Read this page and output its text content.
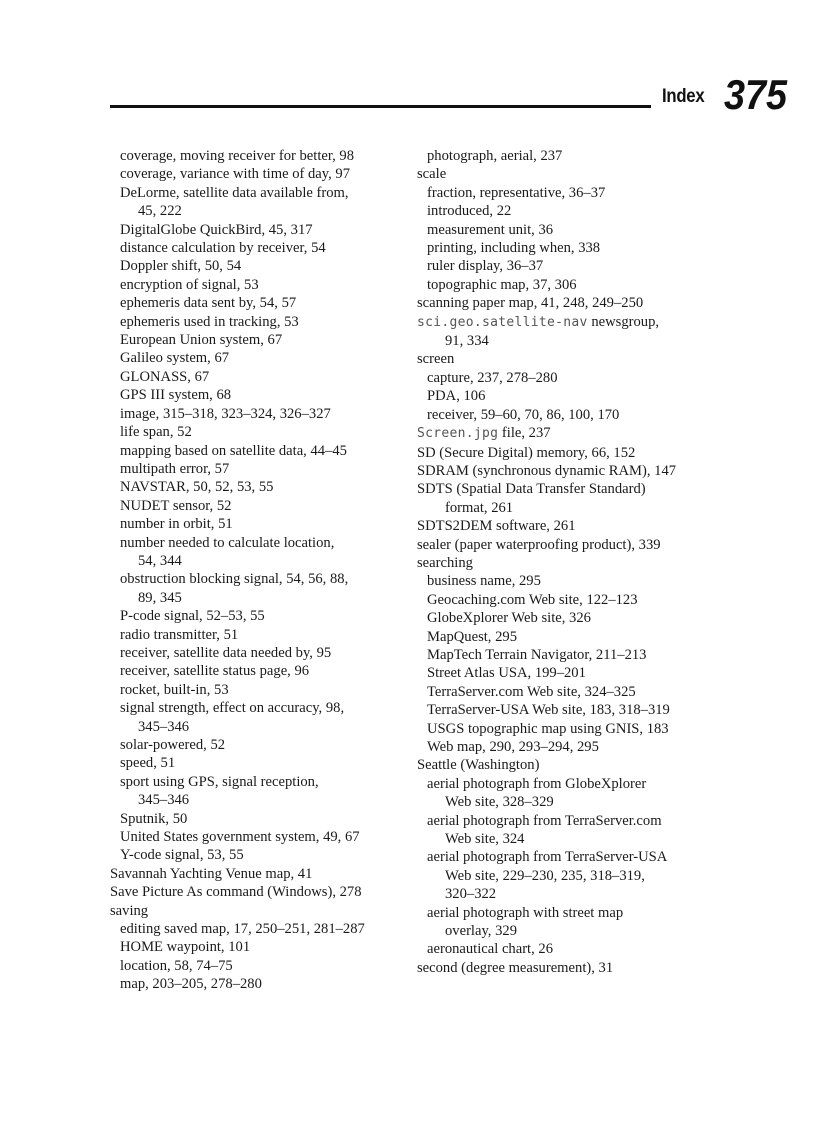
Index 375
coverage, moving receiver for better, 98
coverage, variance with time of day, 97
DeLorme, satellite data available from,
45, 222
DigitalGlobe QuickBird, 45, 317
distance calculation by receiver, 54
Doppler shift, 50, 54
encryption of signal, 53
ephemeris data sent by, 54, 57
ephemeris used in tracking, 53
European Union system, 67
Galileo system, 67
GLONASS, 67
GPS III system, 68
image, 315–318, 323–324, 326–327
life span, 52
mapping based on satellite data, 44–45
multipath error, 57
NAVSTAR, 50, 52, 53, 55
NUDET sensor, 52
number in orbit, 51
number needed to calculate location,
54, 344
obstruction blocking signal, 54, 56, 88,
89, 345
P-code signal, 52–53, 55
radio transmitter, 51
receiver, satellite data needed by, 95
receiver, satellite status page, 96
rocket, built-in, 53
signal strength, effect on accuracy, 98,
345–346
solar-powered, 52
speed, 51
sport using GPS, signal reception,
345–346
Sputnik, 50
United States government system, 49, 67
Y-code signal, 53, 55
Savannah Yachting Venue map, 41
Save Picture As command (Windows), 278
saving
editing saved map, 17, 250–251, 281–287
HOME waypoint, 101
location, 58, 74–75
map, 203–205, 278–280
photograph, aerial, 237
scale
fraction, representative, 36–37
introduced, 22
measurement unit, 36
printing, including when, 338
ruler display, 36–37
topographic map, 37, 306
scanning paper map, 41, 248, 249–250
sci.geo.satellite-nav newsgroup,
91, 334
screen
capture, 237, 278–280
PDA, 106
receiver, 59–60, 70, 86, 100, 170
Screen.jpg file, 237
SD (Secure Digital) memory, 66, 152
SDRAM (synchronous dynamic RAM), 147
SDTS (Spatial Data Transfer Standard)
format, 261
SDTS2DEM software, 261
sealer (paper waterproofing product), 339
searching
business name, 295
Geocaching.com Web site, 122–123
GlobeXplorer Web site, 326
MapQuest, 295
MapTech Terrain Navigator, 211–213
Street Atlas USA, 199–201
TerraServer.com Web site, 324–325
TerraServer-USA Web site, 183, 318–319
USGS topographic map using GNIS, 183
Web map, 290, 293–294, 295
Seattle (Washington)
aerial photograph from GlobeXplorer
Web site, 328–329
aerial photograph from TerraServer.com
Web site, 324
aerial photograph from TerraServer-USA
Web site, 229–230, 235, 318–319,
320–322
aerial photograph with street map
overlay, 329
aeronautical chart, 26
second (degree measurement), 31
